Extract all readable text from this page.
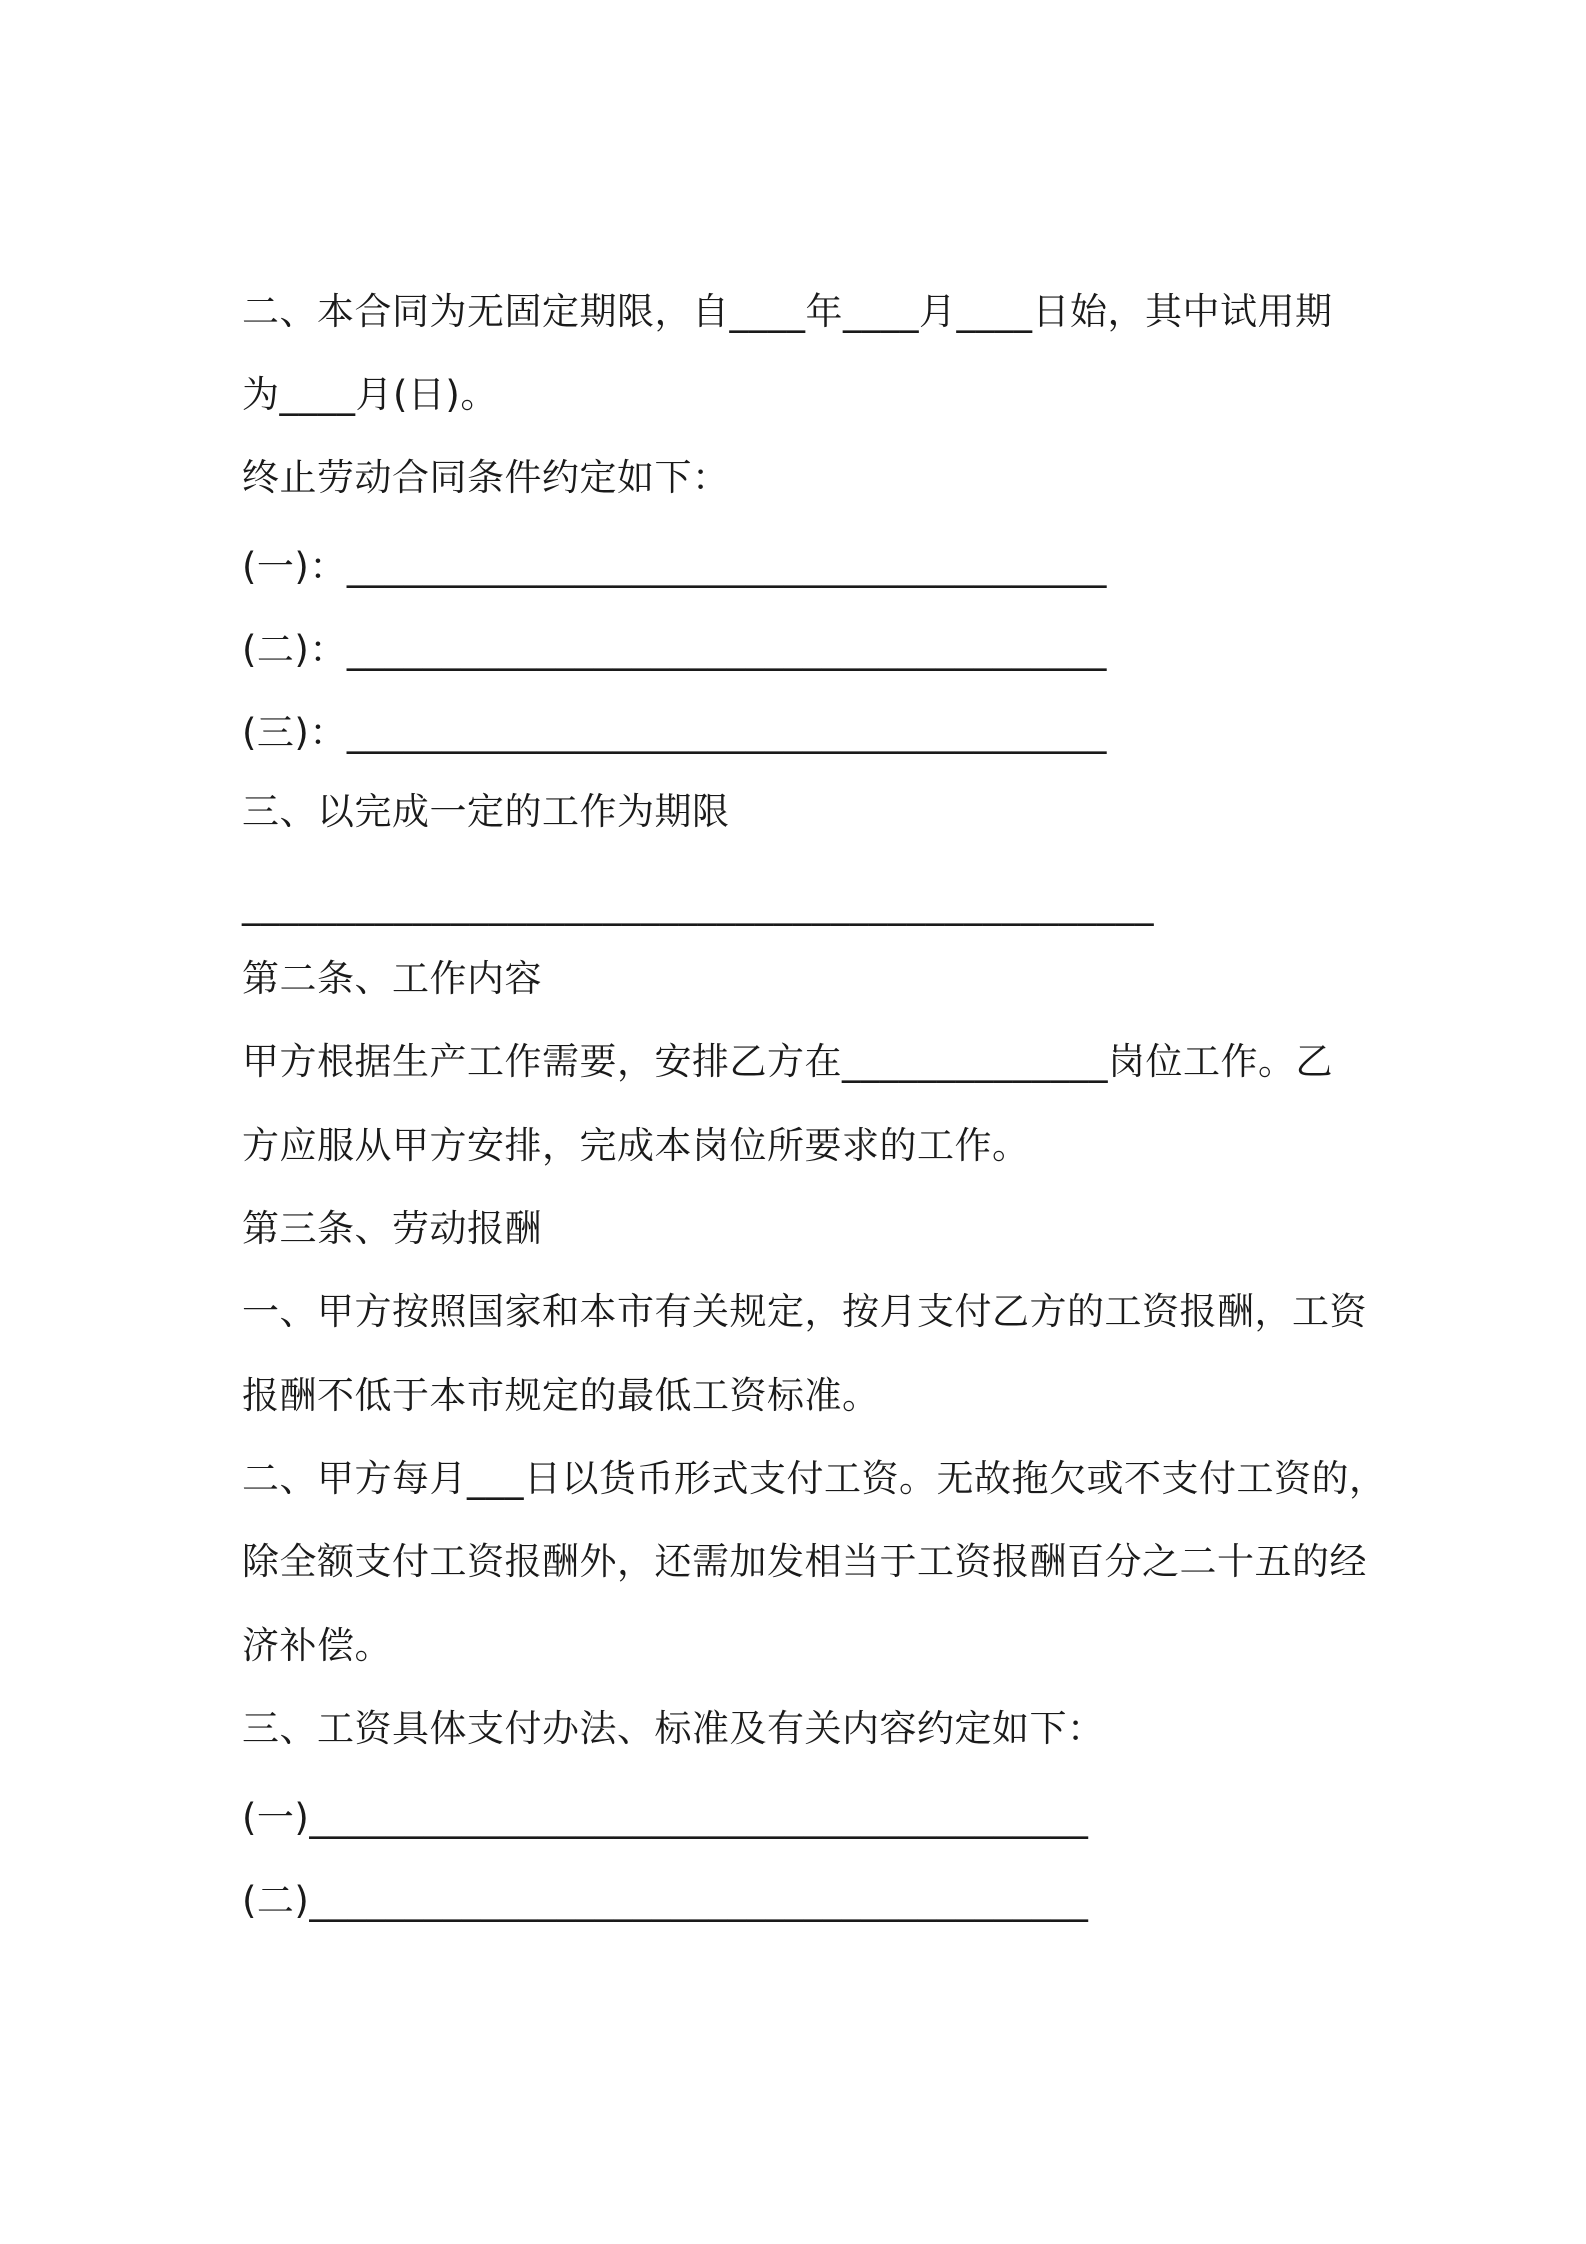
二、本合同为无固定期限，自____年____月____日始，其中试用期
为____月(日)。
终止劳动合同条件约定如下：
(一)：________________________________________
(二)：________________________________________
(三)：________________________________________
三、以完成一定的工作为期限
________________________________________________
第二条、工作内容
甲方根据生产工作需要，安排乙方在______________岗位工作。乙
方应服从甲方安排，完成本岗位所要求的工作。
第三条、劳动报酬
一、甲方按照国家和本市有关规定，按月支付乙方的工资报酬，工资
报酬不低于本市规定的最低工资标准。
二、甲方每月___日以货币形式支付工资。无故拖欠或不支付工资的，
除全额支付工资报酬外，还需加发相当于工资报酬百分之二十五的经
济补偿。
三、工资具体支付办法、标准及有关内容约定如下：
(一)_________________________________________
(二)_________________________________________
